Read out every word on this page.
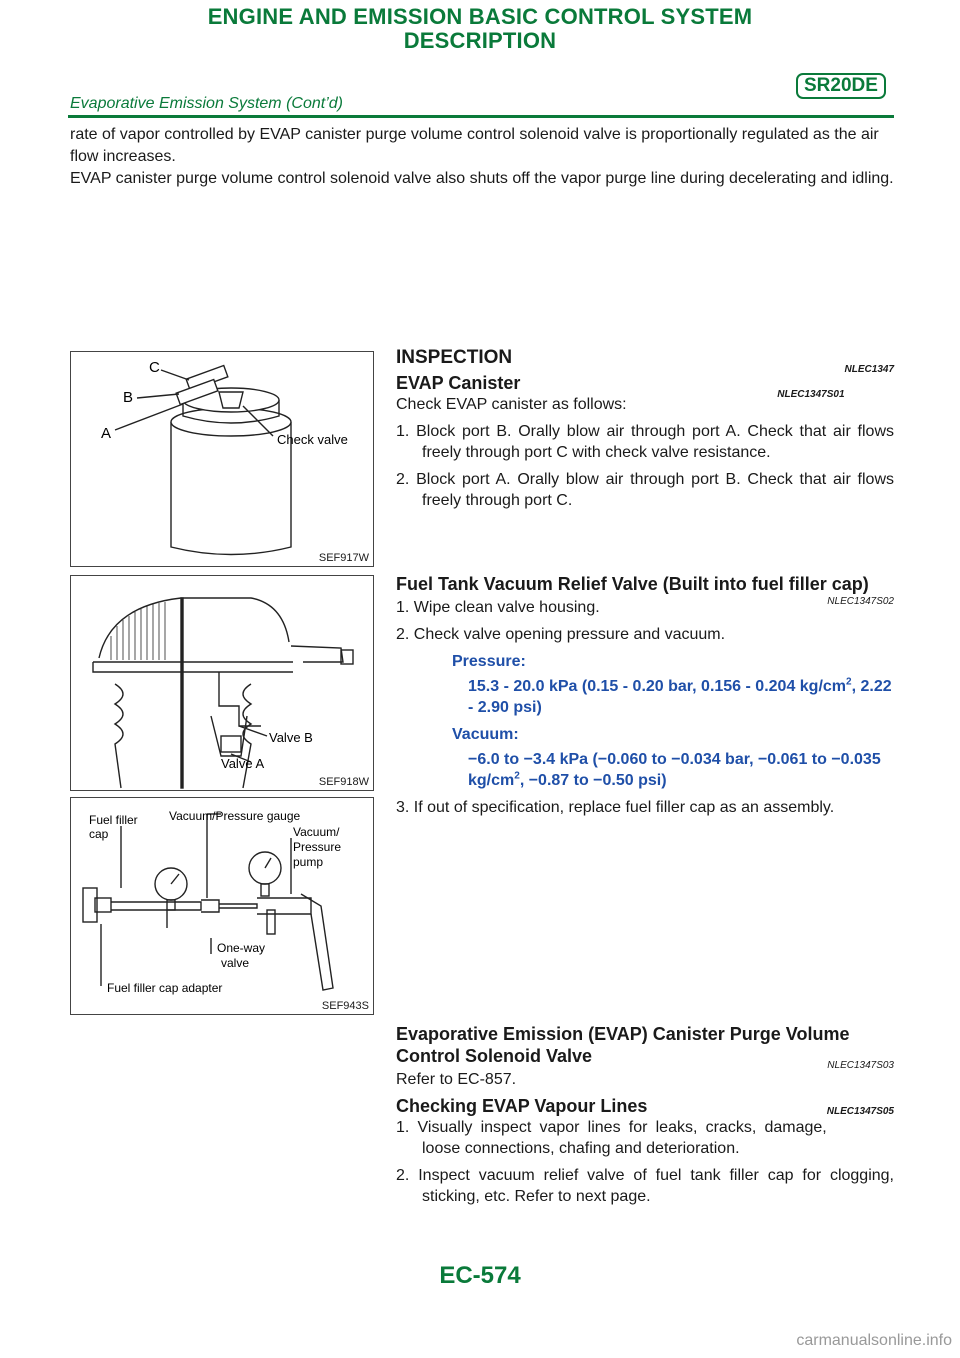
ENGINE AND EMISSION BASIC CONTROL SYSTEM
DESCRIPTION
SR20DE
Evaporative Emission System (Cont’d)

rate of vapor controlled by EVAP canister purge volume control solenoid valve is proportionally regulated as the air flow increases.

EVAP canister purge volume control solenoid valve also shuts off the vapor purge line during decelerating and idling.

C
B
A	Check valve
SEF917W
Valve B
Valve A
SEF918W
Vacuum/Pressure gauge
Vacuum/
Pressure
pump
Fuel filler
cap
One-way
valve
Fuel filler cap adapter
SEF943S
INSPECTION
NLEC1347
EVAP Canister
NLEC1347S01

Check EVAP canister as follows:

1. Block port B. Orally blow air through port A. Check that air flows freely through port C with check valve resistance.

2. Block port A. Orally blow air through port B. Check that air flows freely through port C.

Fuel Tank Vacuum Relief Valve (Built into fuel filler cap)
NLEC1347S02

1. Wipe clean valve housing.

2. Check valve opening pressure and vacuum.

Pressure:

15.3 - 20.0 kPa (0.15 - 0.20 bar, 0.156 - 0.204 $kg/cm^2$, 2.22 - 2.90 psi)

Vacuum:

−6.0 to −3.4 kPa (−0.060 to −0.034 bar, −0.061 to −0.035 $kg/cm^2$, −0.87 to −0.50 psi)

3. If out of specification, replace fuel filler cap as an assembly.

Evaporative Emission (EVAP) Canister Purge Volume Control Solenoid Valve	NLEC1347S03

Refer to EC-857.

Checking EVAP Vapour Lines	NLEC1347S05

1. Visually inspect vapor lines for leaks, cracks, damage, loose connections, chafing and deterioration.

2. Inspect vacuum relief valve of fuel tank filler cap for clogging, sticking, etc. Refer to next page.

EC-574
carmanualsonline.info
